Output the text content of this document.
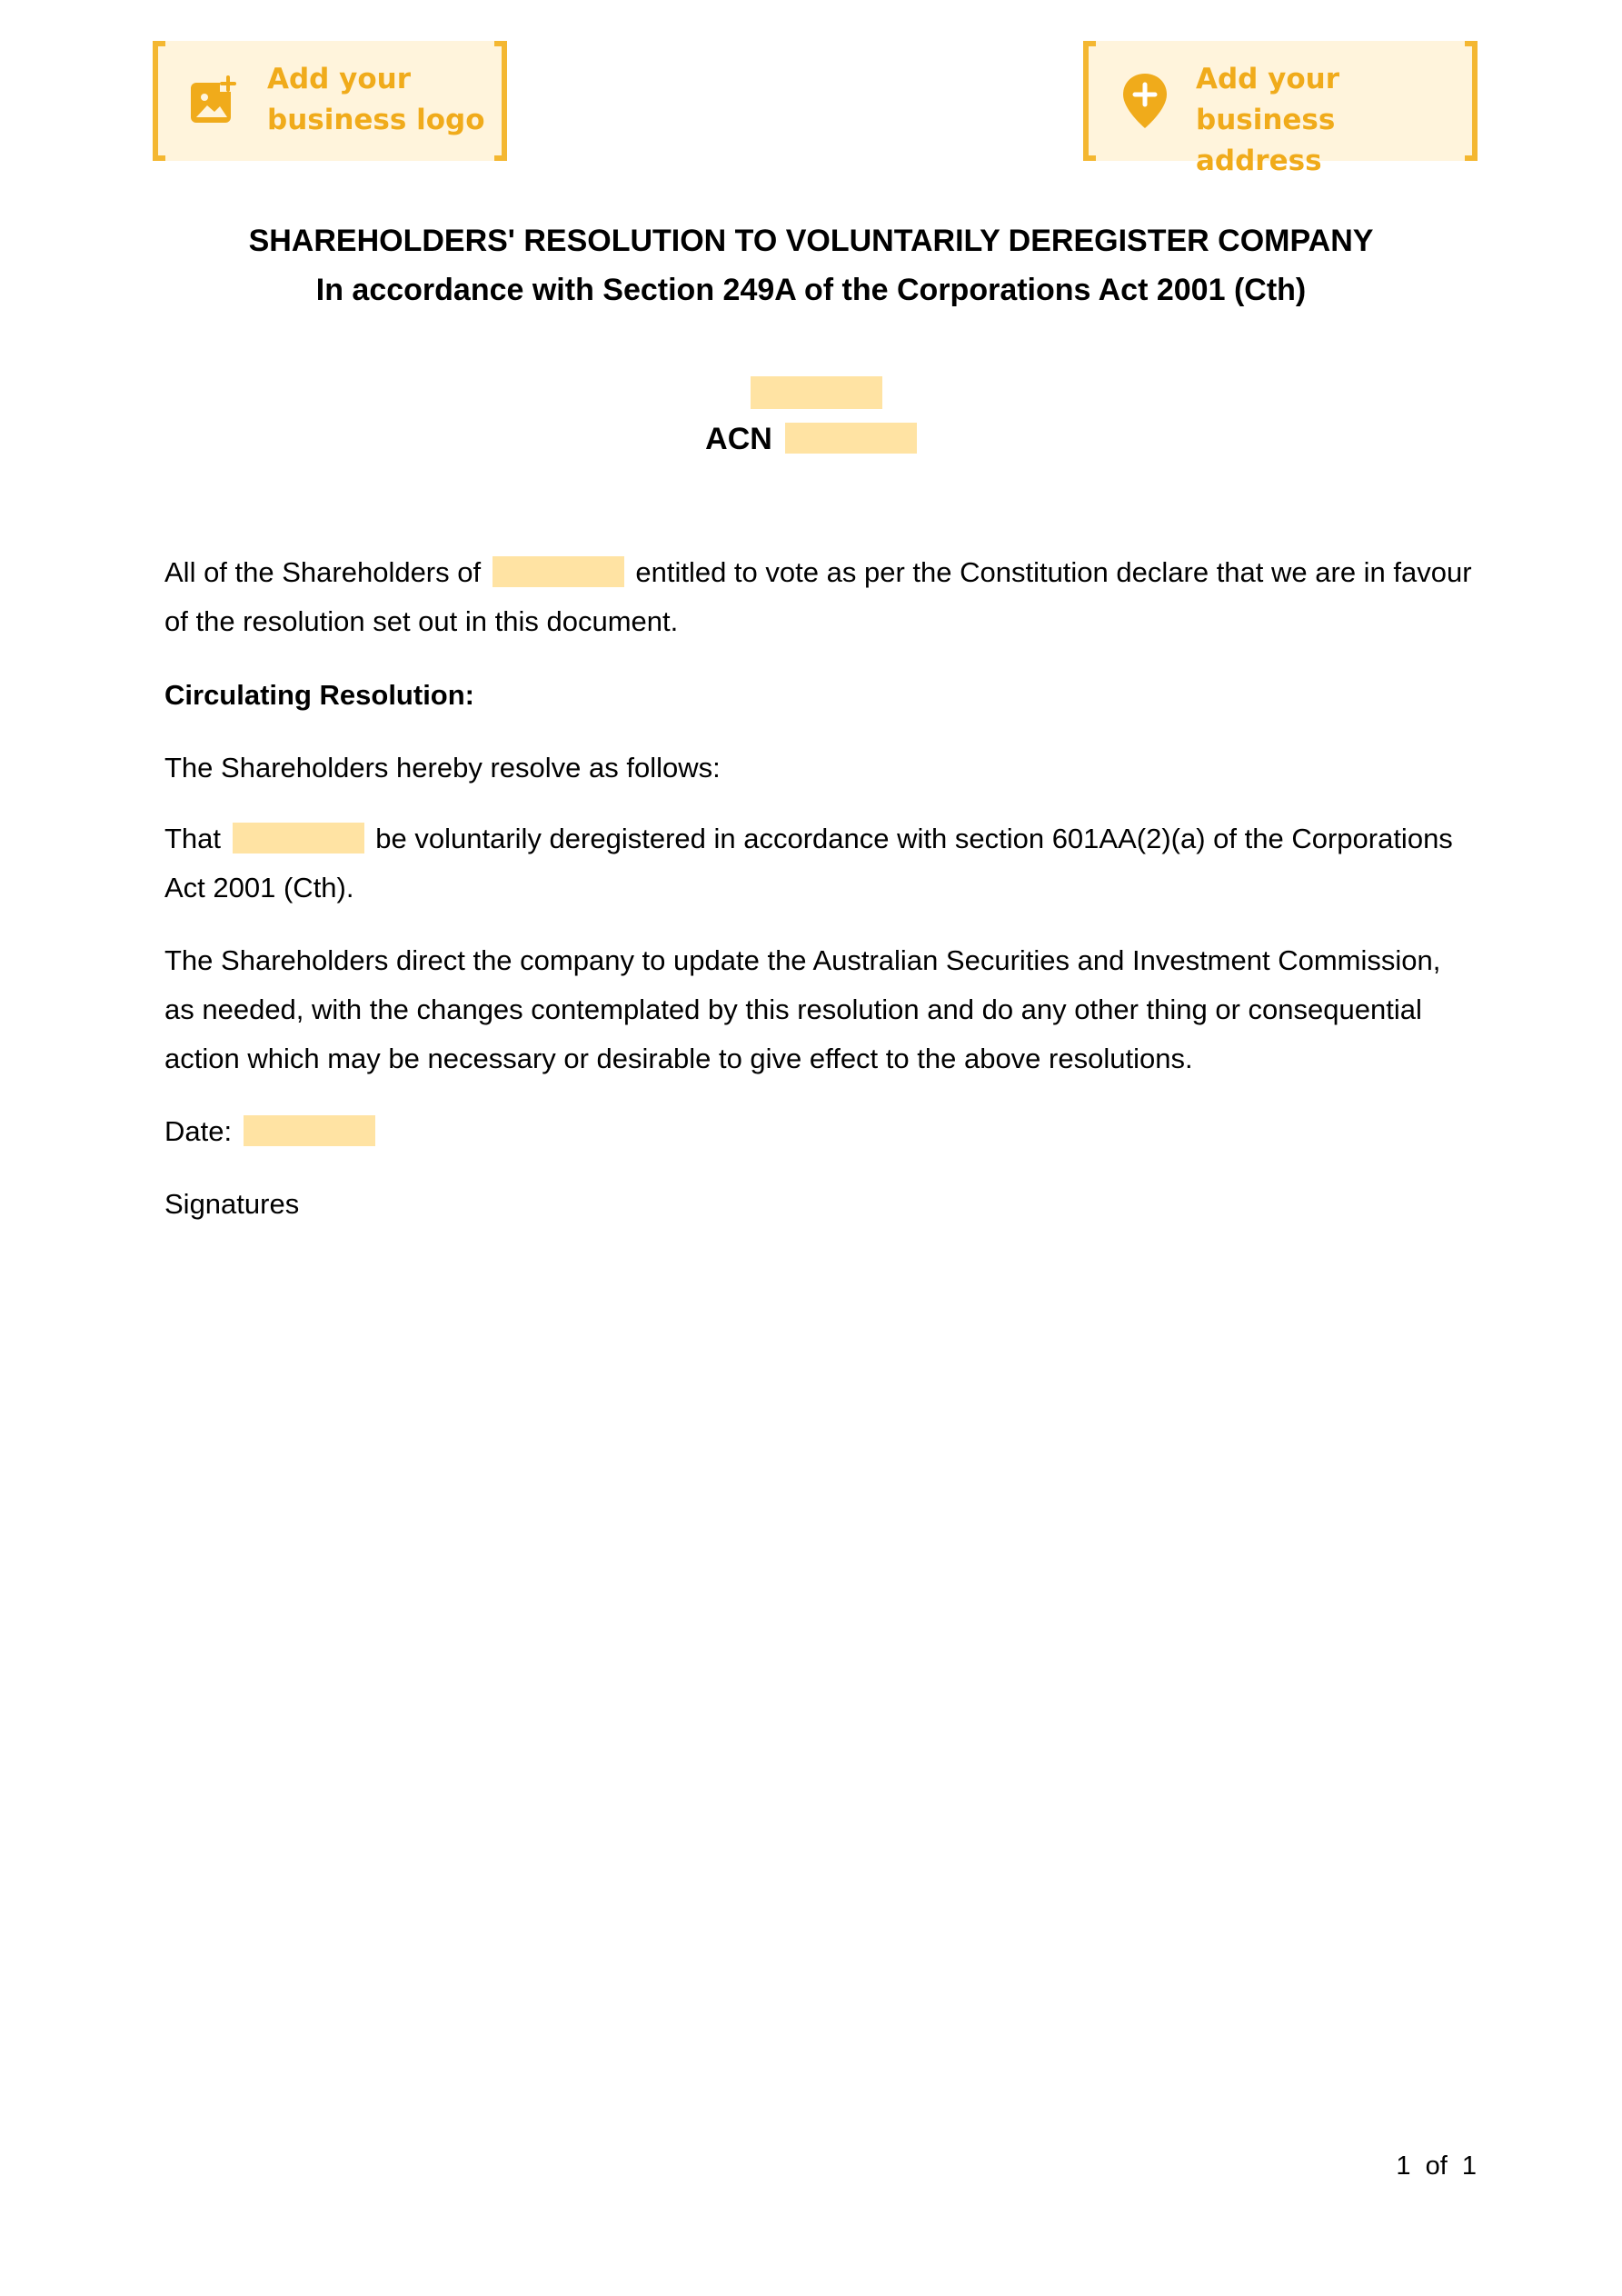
Add your
business logo
Add your
business address
SHAREHOLDERS' RESOLUTION TO VOLUNTARILY DEREGISTER COMPANY
In accordance with Section 249A of the Corporations Act 2001 (Cth)
ACN
All of the Shareholders of	entitled to vote as per the Constitution declare that we are in favour of the resolution set out in this document.
Circulating Resolution:
The Shareholders hereby resolve as follows:
That	be voluntarily deregistered in accordance with section 601AA(2)(a) of the Corporations Act 2001 (Cth).
The Shareholders direct the company to update the Australian Securities and Investment Commission, as needed, with the changes contemplated by this resolution and do any other thing or consequential action which may be necessary or desirable to give effect to the above resolutions.
Date:
Signatures
1 of 1
